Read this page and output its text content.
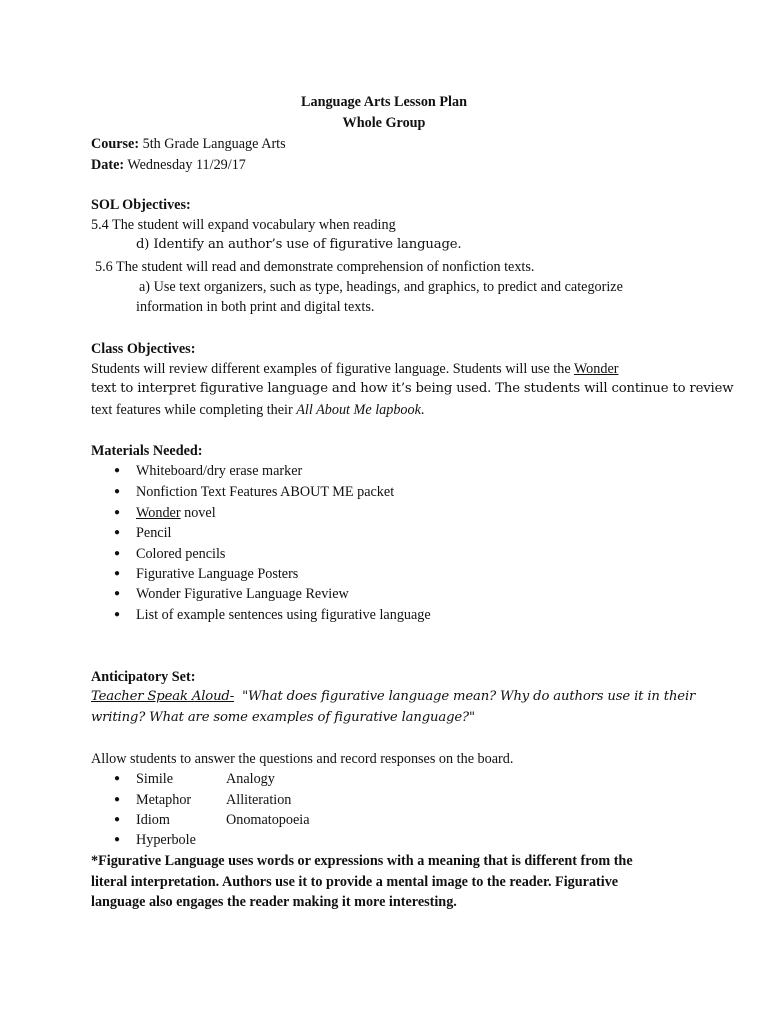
Language Arts Lesson Plan
Whole Group
Course: 5th Grade Language Arts
Date: Wednesday 11/29/17
SOL Objectives:
5.4 The student will expand vocabulary when reading
d) Identify an author’s use of figurative language.
5.6 The student will read and demonstrate comprehension of nonfiction texts.
a) Use text organizers, such as type, headings, and graphics, to predict and categorize
information in both print and digital texts.
Class Objectives:
Students will review different examples of figurative language. Students will use the Wonder
text to interpret figurative language and how it’s being used. The students will continue to review
text features while completing their All About Me lapbook.
Materials Needed:
● Whiteboard/dry erase marker
● Nonfiction Text Features ABOUT ME packet
● Wonder novel
● Pencil
● Colored pencils
● Figurative Language Posters
● Wonder Figurative Language Review
● List of example sentences using figurative language
Anticipatory Set:
Teacher Speak Aloud-  "What does figurative language mean? Why do authors use it in their
writing? What are some examples of figurative language?"
Allow students to answer the questions and record responses on the board.
● Simile	Analogy
● Metaphor Alliteration
● Idiom	Onomatopoeia
● Hyperbole
*Figurative Language uses words or expressions with a meaning that is different from the
literal interpretation. Authors use it to provide a mental image to the reader. Figurative
language also engages the reader making it more interesting.
